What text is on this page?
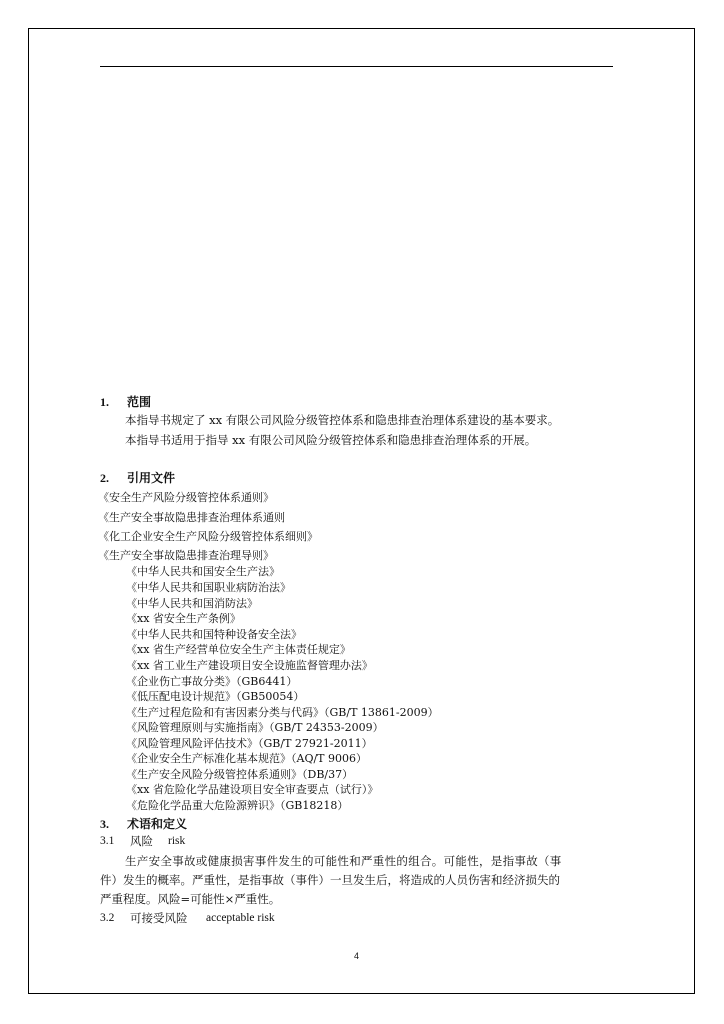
1. 范围
本指导书规定了 xx 有限公司风险分级管控体系和隐患排查治理体系建设的基本要求。
本指导书适用于指导 xx 有限公司风险分级管控体系和隐患排查治理体系的开展。
2. 引用文件
《安全生产风险分级管控体系通则》
《生产安全事故隐患排查治理体系通则
《化工企业安全生产风险分级管控体系细则》
《生产安全事故隐患排查治理导则》
《中华人民共和国安全生产法》
《中华人民共和国职业病防治法》
《中华人民共和国消防法》
《xx 省安全生产条例》
《中华人民共和国特种设备安全法》
《xx 省生产经营单位安全生产主体责任规定》
《xx 省工业生产建设项目安全设施监督管理办法》
《企业伤亡事故分类》（GB6441）
《低压配电设计规范》（GB50054）
《生产过程危险和有害因素分类与代码》（GB/T 13861-2009）
《风险管理原则与实施指南》（GB/T 24353-2009）
《风险管理风险评估技术》（GB/T 27921-2011）
《企业安全生产标准化基本规范》（AQ/T 9006）
《生产安全风险分级管控体系通则》（DB/37）
《xx 省危险化学品建设项目安全审查要点（试行）》
《危险化学品重大危险源辨识》（GB18218）
3. 术语和定义
3.1 风险 risk
生产安全事故或健康损害事件发生的可能性和严重性的组合。可能性，是指事故（事
件）发生的概率。严重性，是指事故（事件）一旦发生后，将造成的人员伤害和经济损失的
严重程度。风险=可能性×严重性。
3.2 可接受风险 acceptable risk
4
